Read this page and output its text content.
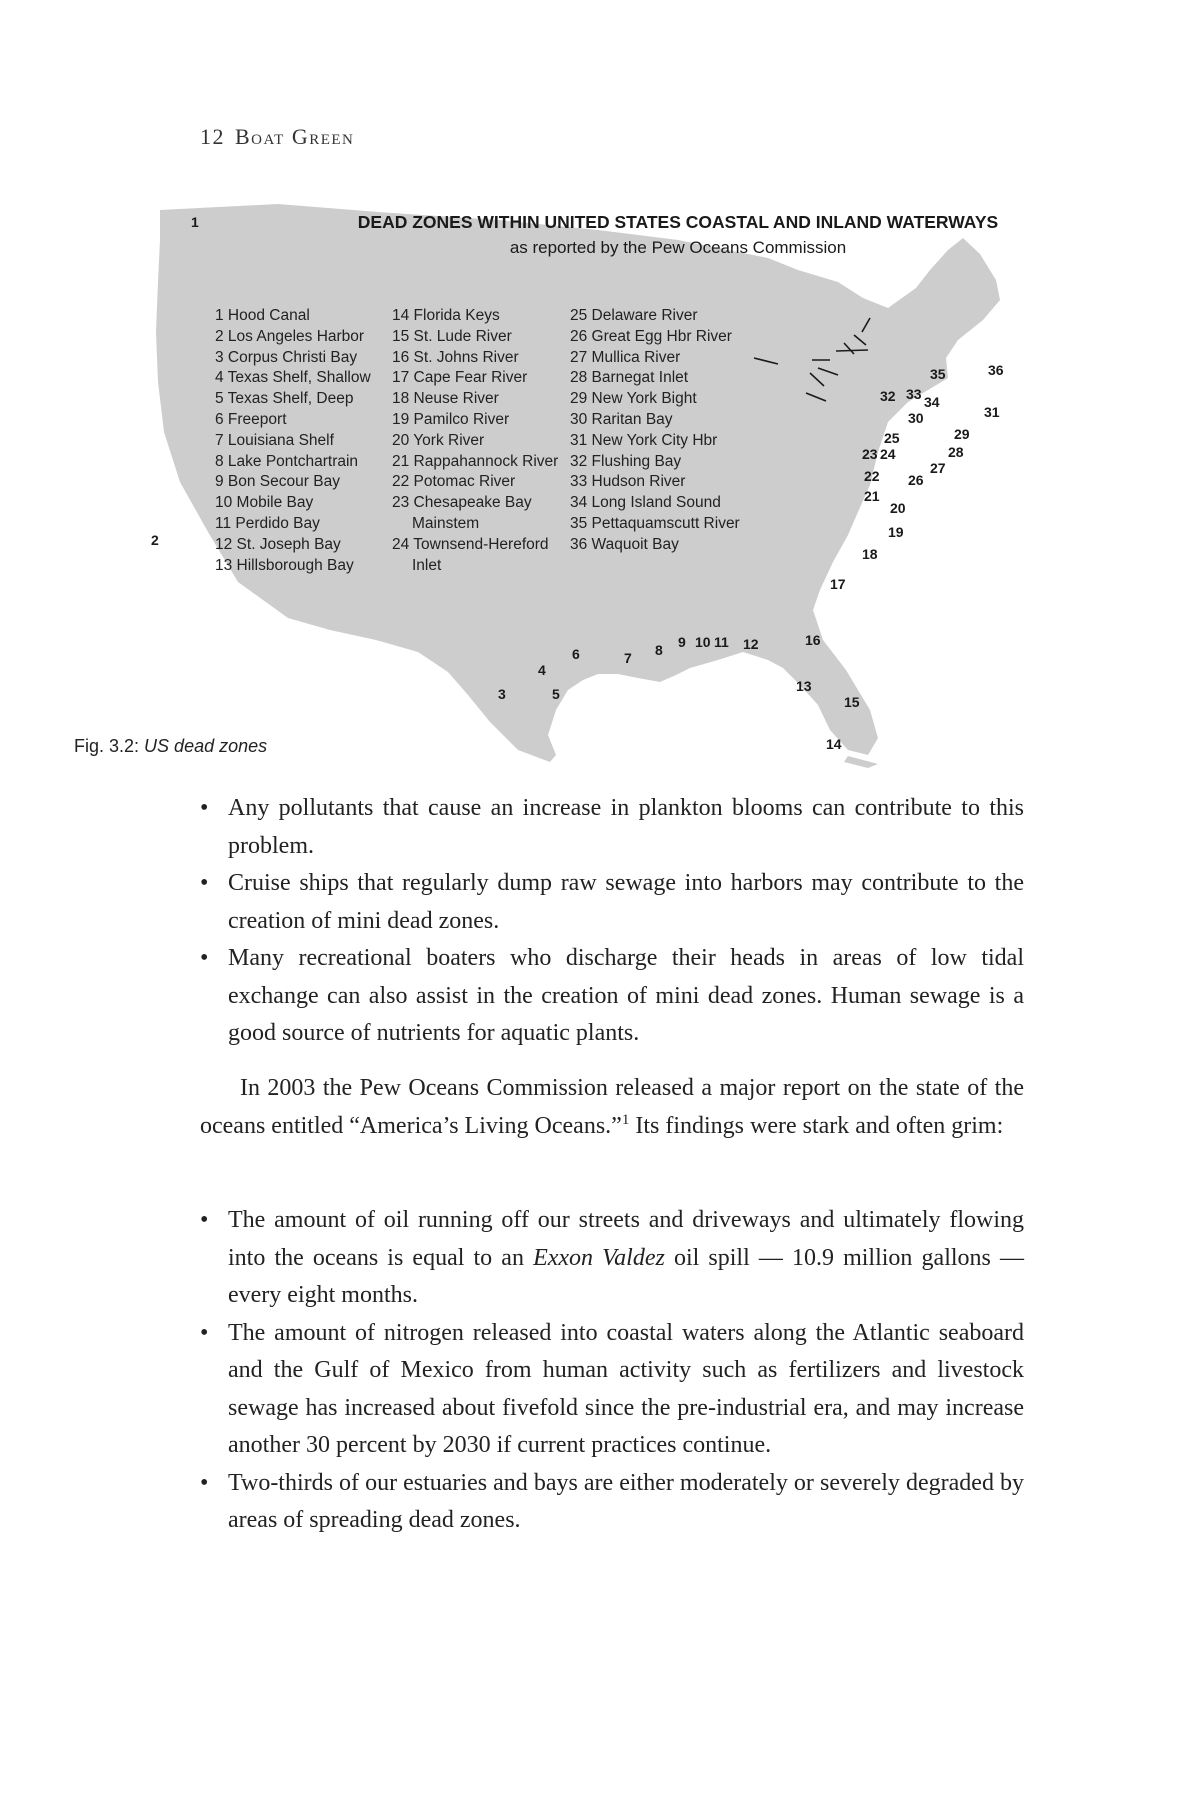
12 Boat Green
DEAD ZONES WITHIN UNITED STATES COASTAL AND INLAND WATERWAYS
as reported by the Pew Oceans Commission
1 Hood Canal
2 Los Angeles Harbor
3 Corpus Christi Bay
4 Texas Shelf, Shallow
5 Texas Shelf, Deep
6 Freeport
7 Louisiana Shelf
8 Lake Pontchartrain
9 Bon Secour Bay
10 Mobile Bay
11 Perdido Bay
12 St. Joseph Bay
13 Hillsborough Bay
14 Florida Keys
15 St. Lude River
16 St. Johns River
17 Cape Fear River
18 Neuse River
19 Pamilco River
20 York River
21 Rappahannock River
22 Potomac River
23 Chesapeake Bay
Mainstem
24 Townsend-Hereford
Inlet
25 Delaware River
26 Great Egg Hbr River
27 Mullica River
28 Barnegat Inlet
29 New York Bight
30 Raritan Bay
31 New York City Hbr
32 Flushing Bay
33 Hudson River
34 Long Island Sound
35 Pettaquamscutt River
36 Waquoit Bay
1
2
3
4
5
6	7 8 9 10 11 12
13
14
15
16
17
18
19
20
21
22
23 24
25
26
27
28
29
30	31
32 33 34
35	36
Fig. 3.2: US dead zones
• Any pollutants that cause an increase in plankton blooms can contribute to this problem.
• Cruise ships that regularly dump raw sewage into harbors may contribute to the creation of mini dead zones.
• Many recreational boaters who discharge their heads in areas of low tidal exchange can also assist in the creation of mini dead zones. Human sewage is a good source of nutrients for aquatic plants.

In 2003 the Pew Oceans Commission released a major report on the state of the oceans entitled “America’s Living Oceans.”$^1$ Its findings were stark and often grim:

• The amount of oil running off our streets and driveways and ultimately flowing into the oceans is equal to an Exxon Valdez oil spill — 10.9 million gallons — every eight months.
• The amount of nitrogen released into coastal waters along the Atlantic seaboard and the Gulf of Mexico from human activity such as fertilizers and livestock sewage has increased about fivefold since the pre-industrial era, and may increase another 30 percent by 2030 if current practices continue.
• Two-thirds of our estuaries and bays are either moderately or severely degraded by areas of spreading dead zones.
